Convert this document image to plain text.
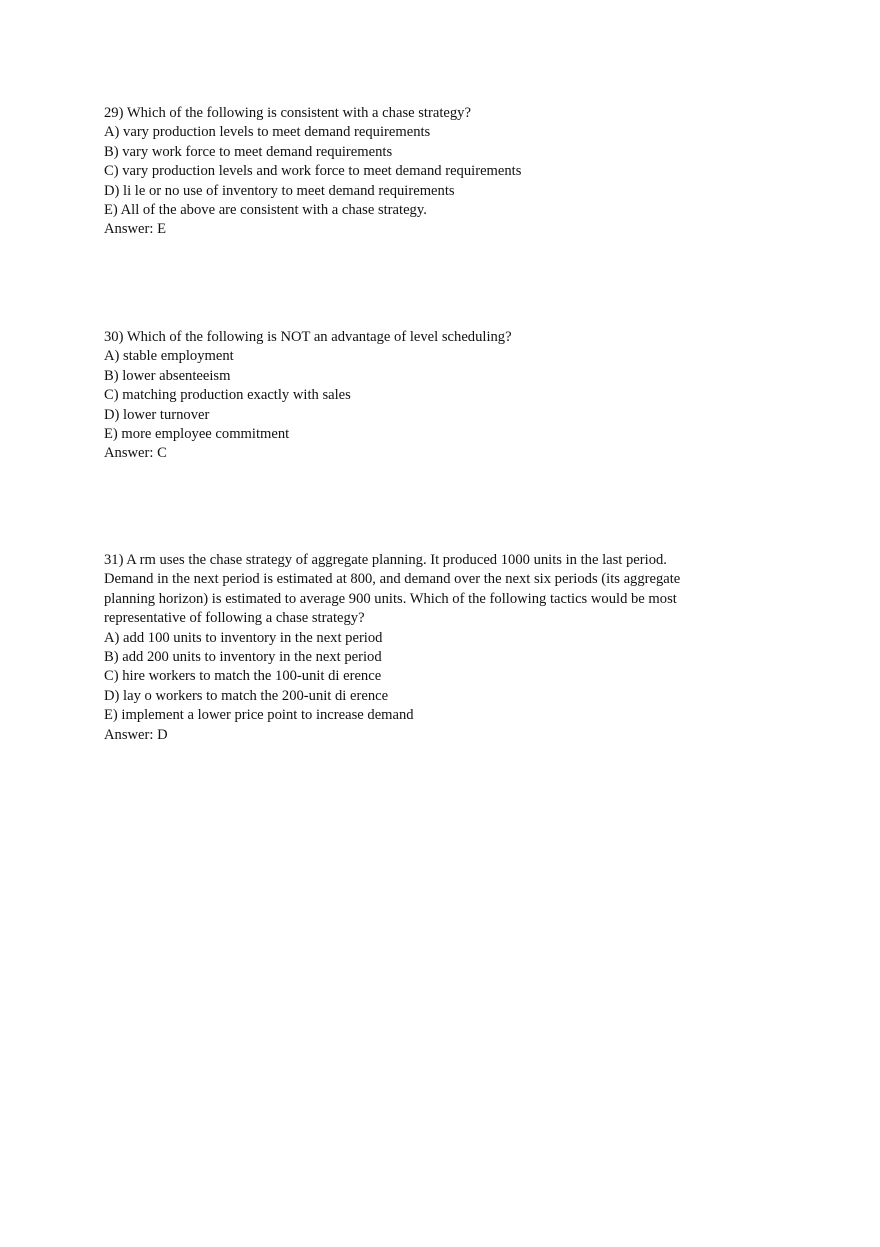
29) Which of the following is consistent with a chase strategy?
A) vary production levels to meet demand requirements
B) vary work force to meet demand requirements
C) vary production levels and work force to meet demand requirements
D) li le or no use of inventory to meet demand requirements
E) All of the above are consistent with a chase strategy.
Answer: E
30) Which of the following is NOT an advantage of level scheduling?
A) stable employment
B) lower absenteeism
C) matching production exactly with sales
D) lower turnover
E) more employee commitment
Answer: C
31) A rm uses the chase strategy of aggregate planning. It produced 1000 units in the last period.
Demand in the next period is estimated at 800, and demand over the next six periods (its aggregate
planning horizon) is estimated to average 900 units. Which of the following tactics would be most
representative of following a chase strategy?
A) add 100 units to inventory in the next period
B) add 200 units to inventory in the next period
C) hire workers to match the 100-unit di erence
D) lay o workers to match the 200-unit di erence
E) implement a lower price point to increase demand
Answer: D
